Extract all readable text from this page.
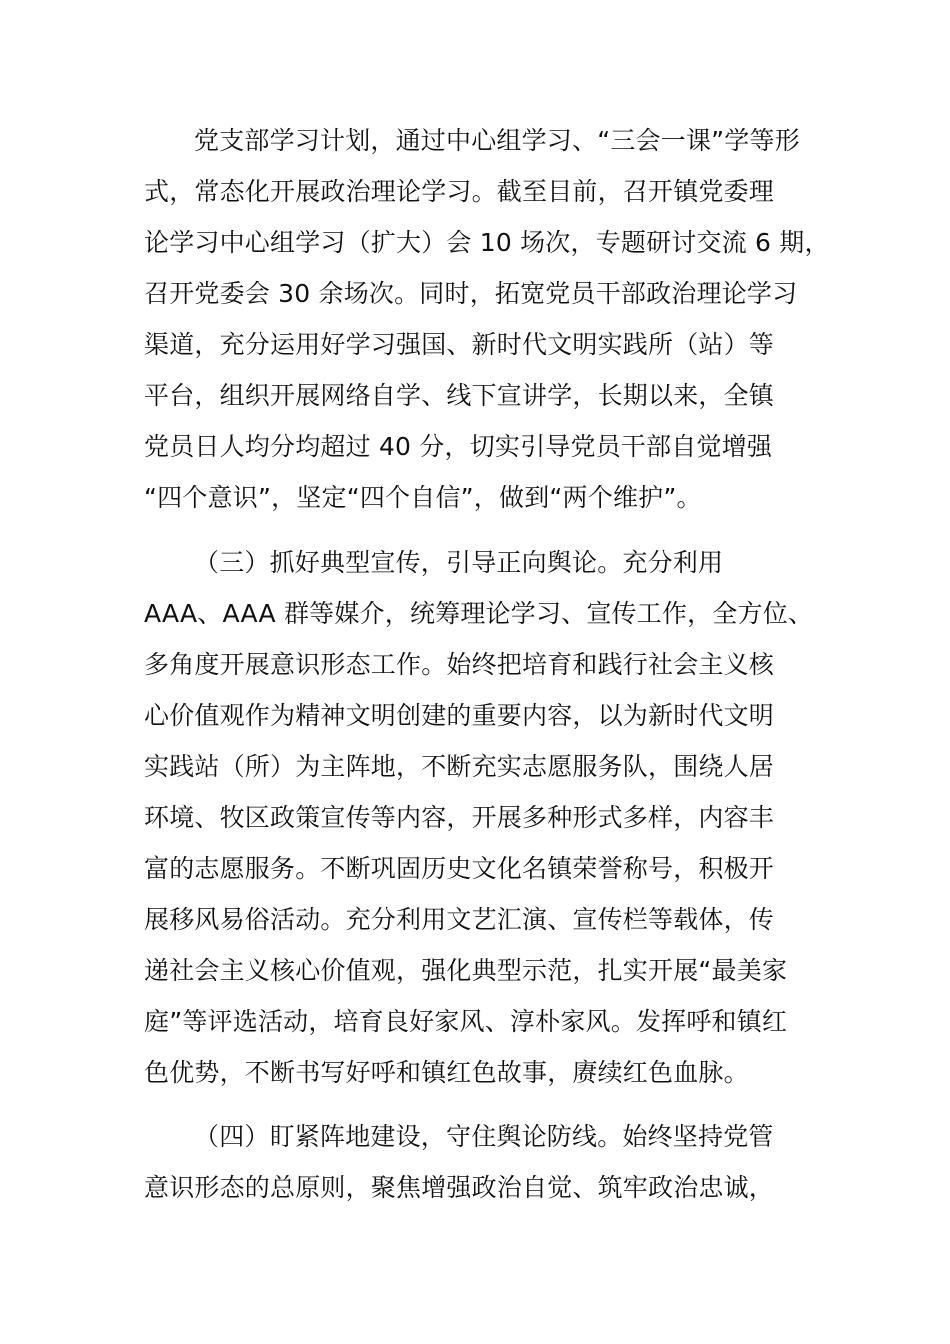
党支部学习计划，通过中心组学习、“三会一课”学等形
式，常态化开展政治理论学习。截至目前，召开镇党委理
论学习中心组学习（扩大）会 10 场次，专题研讨交流 6 期，
召开党委会 30 余场次。同时，拓宽党员干部政治理论学习
渠道，充分运用好学习强国、新时代文明实践所（站）等
平台，组织开展网络自学、线下宣讲学，长期以来，全镇
党员日人均分均超过 40 分，切实引导党员干部自觉增强
“四个意识”，坚定“四个自信”，做到“两个维护”。
（三）抓好典型宣传，引导正向舆论。充分利用
AAA、AAA 群等媒介，统筹理论学习、宣传工作，全方位、
多角度开展意识形态工作。始终把培育和践行社会主义核
心价值观作为精神文明创建的重要内容，以为新时代文明
实践站（所）为主阵地，不断充实志愿服务队，围绕人居
环境、牧区政策宣传等内容，开展多种形式多样，内容丰
富的志愿服务。不断巩固历史文化名镇荣誉称号，积极开
展移风易俗活动。充分利用文艺汇演、宣传栏等载体，传
递社会主义核心价值观，强化典型示范，扎实开展“最美家
庭”等评选活动，培育良好家风、淳朴家风。发挥呼和镇红
色优势，不断书写好呼和镇红色故事，赓续红色血脉。
（四）盯紧阵地建设，守住舆论防线。始终坚持党管
意识形态的总原则，聚焦增强政治自觉、筑牢政治忠诚，
